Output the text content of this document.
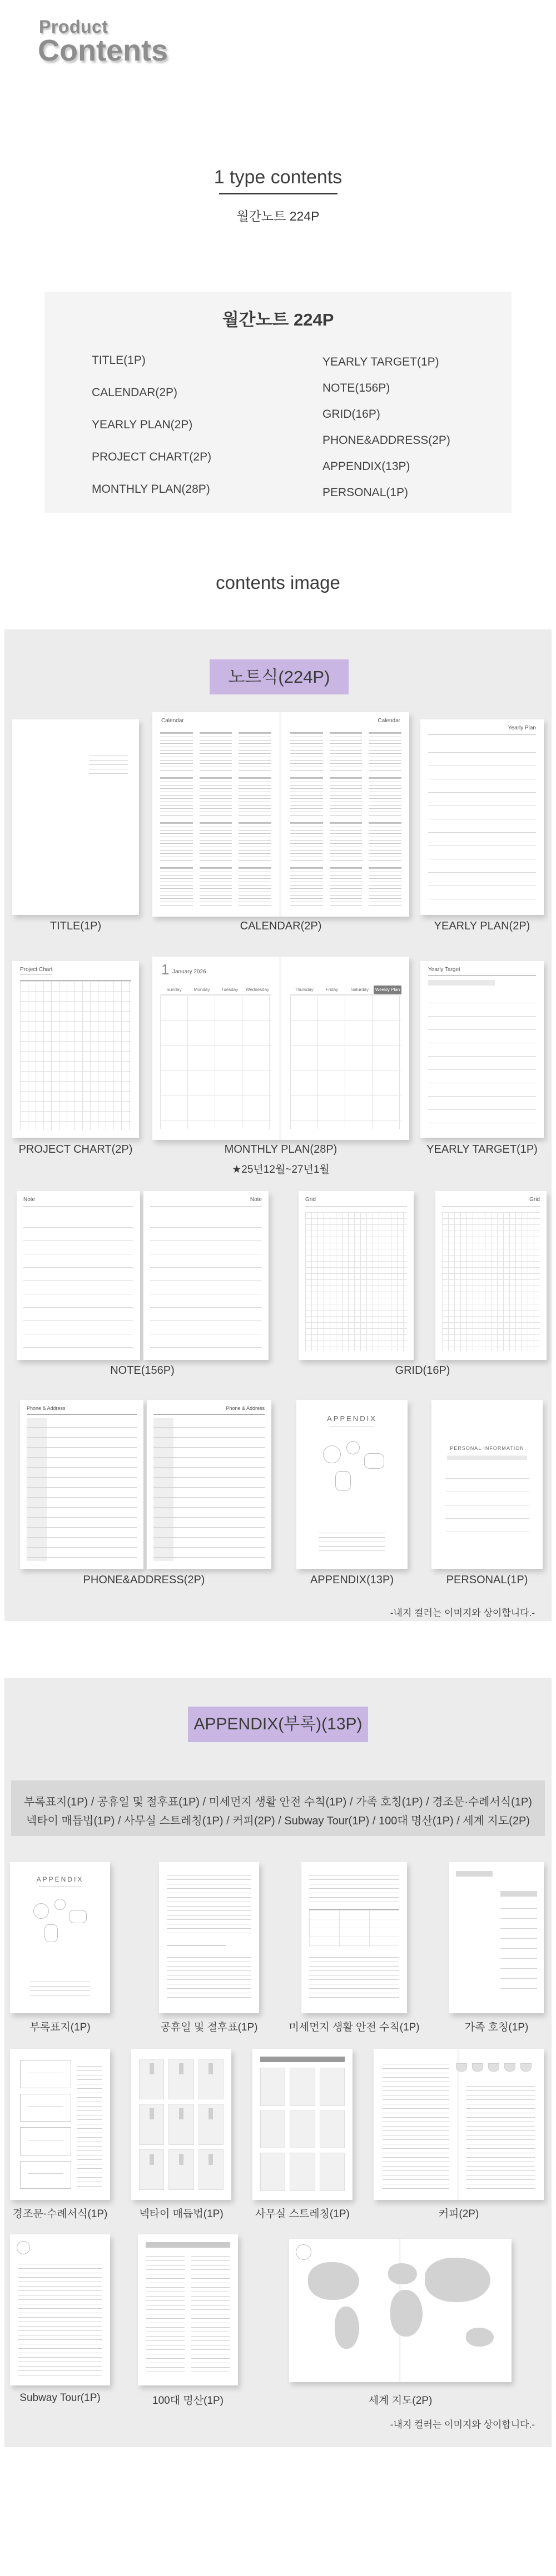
Product
Contents
1 type contents
월간노트 224P
월간노트 224P
TITLE(1P)
CALENDAR(2P)
YEARLY PLAN(2P)
PROJECT CHART(2P)
MONTHLY PLAN(28P)
YEARLY TARGET(1P)
NOTE(156P)
GRID(16P)
PHONE&ADDRESS(2P)
APPENDIX(13P)
PERSONAL(1P)
contents image
노트식(224P)
Calendar	Calendar
Yearly Plan
TITLE(1P)	CALENDAR(2P)	YEARLY PLAN(2P)
Project Chart	1 January 2026
Sunday	Monday	Tuesday	Wednesday	Thursday	Friday	Saturday	Weekly Plan
Yearly Target
PROJECT CHART(2P)	MONTHLY PLAN(28P)
★25년12월~27년1월
YEARLY TARGET(1P)
Note	Note	Grid	Grid
NOTE(156P)	GRID(16P)
Phone & Address	Phone & Address
APPENDIX
PERSONAL INFORMATION
PHONE&ADDRESS(2P)	APPENDIX(13P)	PERSONAL(1P)
-내지 컬러는 이미지와 상이합니다.-
APPENDIX(부록)(13P)
부록표지(1P) / 공휴일 및 절후표(1P) / 미세먼지 생활 안전 수칙(1P) / 가족 호칭(1P) / 경조문·수례서식(1P)
넥타이 매듭법(1P) / 사무실 스트레칭(1P) / 커피(2P) / Subway Tour(1P) / 100대 명산(1P) / 세계 지도(2P)
APPENDIX
부록표지(1P)	공휴일 및 절후표(1P)	미세먼지 생활 안전 수칙(1P)	가족 호칭(1P)
경조문·수례서식(1P)	넥타이 매듭법(1P)	사무실 스트레칭(1P)	커피(2P)
Subway Tour(1P)	100대 명산(1P)	세계 지도(2P)
-내지 컬러는 이미지와 상이합니다.-
